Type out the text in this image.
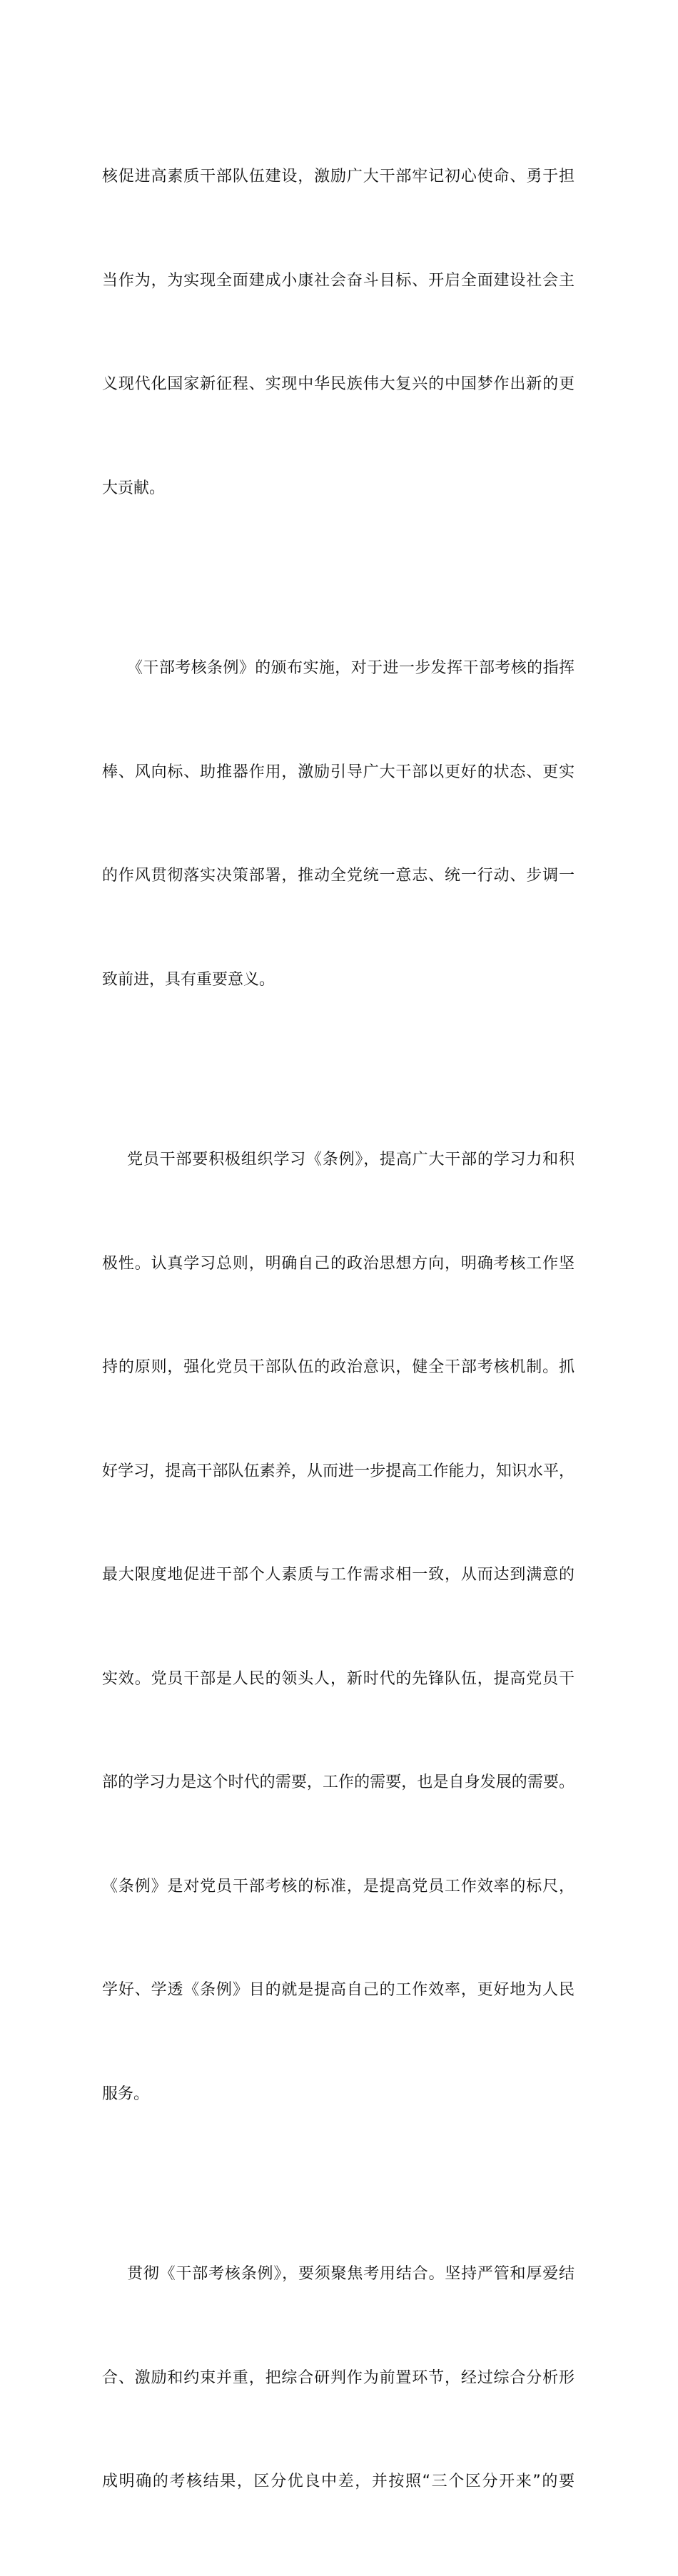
核促进高素质干部队伍建设，激励广大干部牢记初心使命、勇于担

当作为，为实现全面建成小康社会奋斗目标、开启全面建设社会主

义现代化国家新征程、实现中华民族伟大复兴的中国梦作出新的更

大贡献。

《干部考核条例》的颁布实施，对于进一步发挥干部考核的指挥

棒、风向标、助推器作用，激励引导广大干部以更好的状态、更实

的作风贯彻落实决策部署，推动全党统一意志、统一行动、步调一

致前进，具有重要意义。

党员干部要积极组织学习《条例》，提高广大干部的学习力和积

极性。认真学习总则，明确自己的政治思想方向，明确考核工作坚

持的原则，强化党员干部队伍的政治意识，健全干部考核机制。抓

好学习，提高干部队伍素养，从而进一步提高工作能力，知识水平，

最大限度地促进干部个人素质与工作需求相一致，从而达到满意的

实效。党员干部是人民的领头人，新时代的先锋队伍，提高党员干

部的学习力是这个时代的需要，工作的需要，也是自身发展的需要。

《条例》是对党员干部考核的标准，是提高党员工作效率的标尺，

学好、学透《条例》目的就是提高自己的工作效率，更好地为人民

服务。

贯彻《干部考核条例》，要须聚焦考用结合。坚持严管和厚爱结

合、激励和约束并重，把综合研判作为前置环节，经过综合分析形

成明确的考核结果，区分优良中差，并按照“三个区分开来”的要
